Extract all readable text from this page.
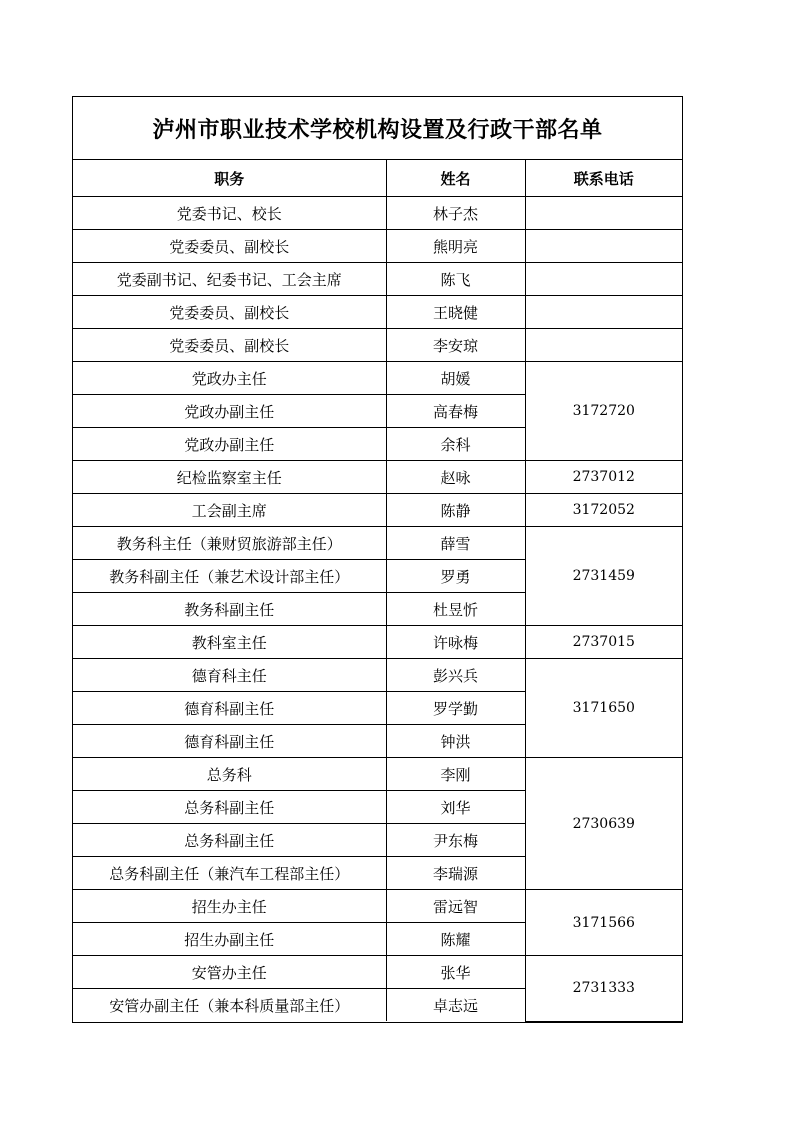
泸州市职业技术学校机构设置及行政干部名单
职务	姓名	联系电话
党委书记、校长	林子杰	
党委委员、副校长	熊明亮	
党委副书记、纪委书记、工会主席	陈飞	
党委委员、副校长	王晓健	
党委委员、副校长	李安琼	
党政办主任	胡媛	3172720
党政办副主任	高春梅	
党政办副主任	余科	
纪检监察室主任	赵咏	2737012
工会副主席	陈静	3172052
教务科主任（兼财贸旅游部主任）	薛雪	2731459
教务科副主任（兼艺术设计部主任）	罗勇	
教务科副主任	杜昱忻	
教科室主任	许咏梅	2737015
德育科主任	彭兴兵	3171650
德育科副主任	罗学勤	
德育科副主任	钟洪	
总务科	李刚	2730639
总务科副主任	刘华	
总务科副主任	尹东梅	
总务科副主任（兼汽车工程部主任）	李瑞源	
招生办主任	雷远智	3171566
招生办副主任	陈耀	
安管办主任	张华	2731333
安管办副主任（兼本科质量部主任）	卓志远	
